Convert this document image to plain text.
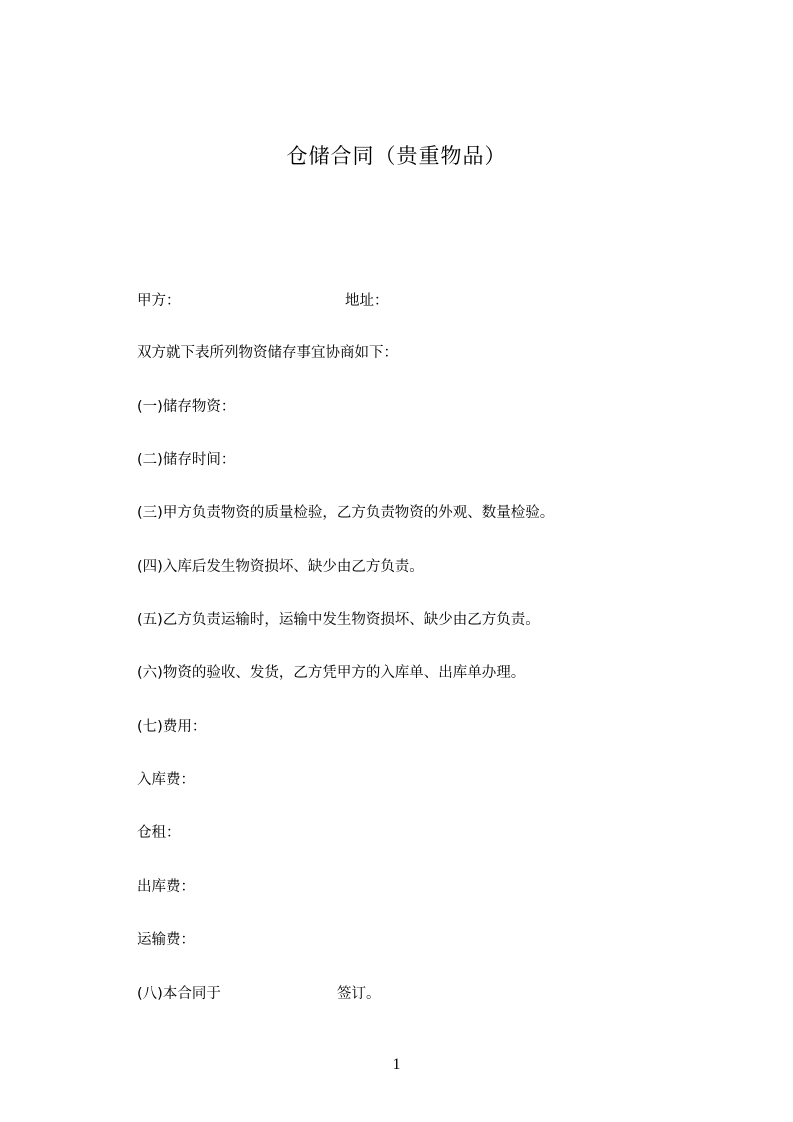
仓储合同（贵重物品）
甲方：	地址：
双方就下表所列物资储存事宜协商如下：
(一)储存物资：
(二)储存时间：
(三)甲方负责物资的质量检验，乙方负责物资的外观、数量检验。
(四)入库后发生物资损坏、缺少由乙方负责。
(五)乙方负责运输时，运输中发生物资损坏、缺少由乙方负责。
(六)物资的验收、发货，乙方凭甲方的入库单、出库单办理。
(七)费用：
入库费：
仓租：
出库费：
运输费：
(八)本合同于	签订。
1
